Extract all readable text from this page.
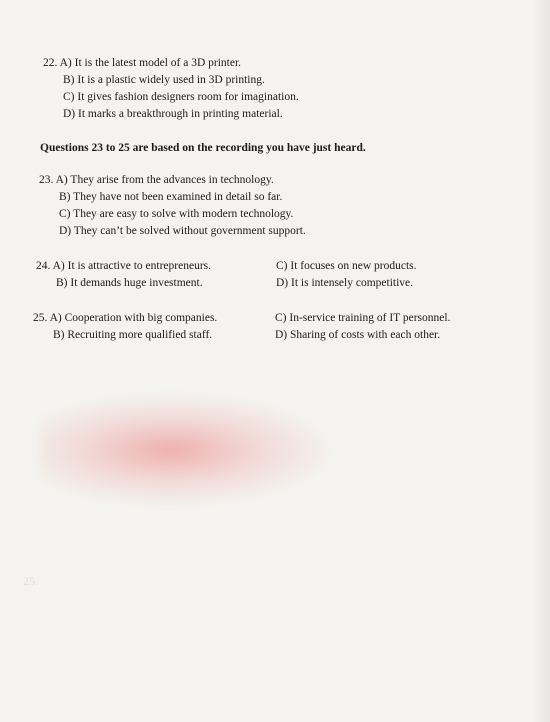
25.
22. A) It is the latest model of a 3D printer.
B) It is a plastic widely used in 3D printing.
C) It gives fashion designers room for imagination.
D) It marks a breakthrough in printing material.
Questions 23 to 25 are based on the recording you have just heard.
23. A) They arise from the advances in technology.
B) They have not been examined in detail so far.
C) They are easy to solve with modern technology.
D) They can’t be solved without government support.
24. A) It is attractive to entrepreneurs.	C) It focuses on new products.
B) It demands huge investment.	D) It is intensely competitive.
25. A) Cooperation with big companies.	C) In-service training of IT personnel.
B) Recruiting more qualified staff.	D) Sharing of costs with each other.
